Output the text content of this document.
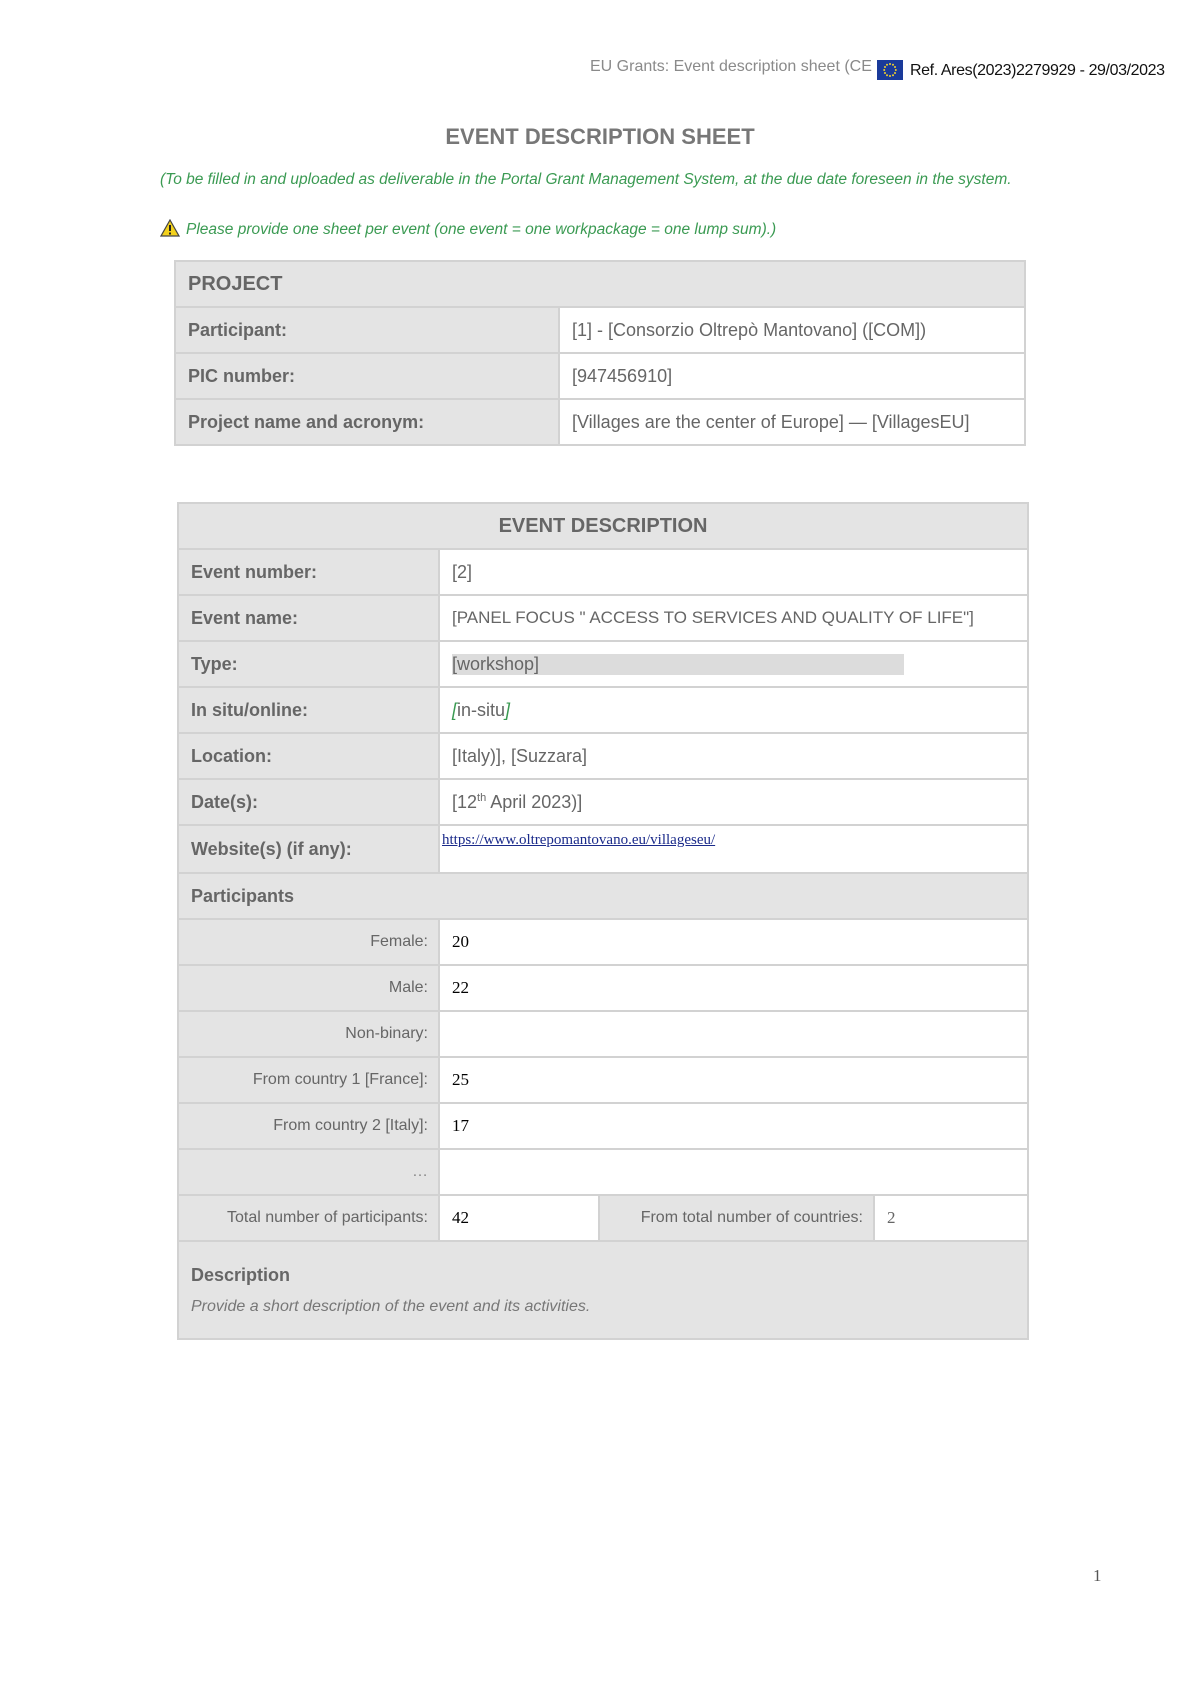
EU Grants: Event description sheet (CE Ref. Ares(2023)2279929 - 29/03/2023
EVENT DESCRIPTION SHEET
(To be filled in and uploaded as deliverable in the Portal Grant Management System, at the due date foreseen in the system.
Please provide one sheet per event (one event = one workpackage = one lump sum).)
PROJECT	
Participant:	[1] - [Consorzio Oltrepò Mantovano] ([COM])
PIC number:	[947456910]
Project name and acronym:	[Villages are the center of Europe] — [VillagesEU]
EVENT DESCRIPTION			
Event number:	[2]		
Event name:	[PANEL FOCUS " ACCESS TO SERVICES AND QUALITY OF LIFE"]		
Type:	[workshop]		
In situ/online:	[in-situ]		
Location:	[Italy)], [Suzzara]		
Date(s):	[12th April 2023)]		
Website(s) (if any):	https://www.oltrepomantovano.eu/villageseu/		
Participants			
Female:	20		
Male:	22		
Non-binary:			
From country 1 [France]:	25		
From country 2 [Italy]:	17		
…			
Total number of participants:	42	From total number of countries:	2

Description
Provide a short description of the event and its activities.			
1
